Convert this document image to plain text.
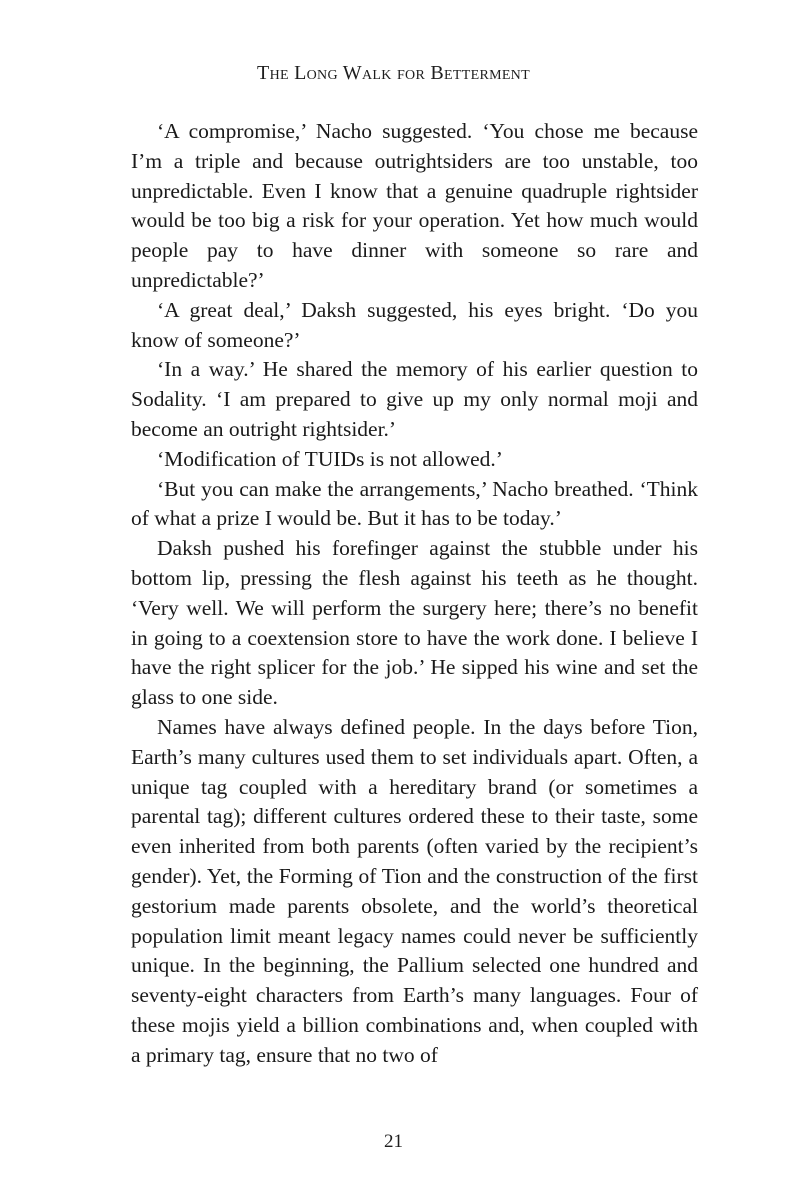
The Long Walk for Betterment

‘A compromise,’ Nacho suggested. ‘You chose me because I’m a triple and because outrightsiders are too unstable, too unpredictable. Even I know that a genuine quadruple rightsider would be too big a risk for your operation. Yet how much would people pay to have dinner with someone so rare and unpredictable?’

‘A great deal,’ Daksh suggested, his eyes bright. ‘Do you know of someone?’

‘In a way.’ He shared the memory of his earlier question to Sodality. ‘I am prepared to give up my only normal moji and become an outright rightsider.’

‘Modification of TUIDs is not allowed.’

‘But you can make the arrangements,’ Nacho breathed. ‘Think of what a prize I would be. But it has to be today.’

Daksh pushed his forefinger against the stubble under his bottom lip, pressing the flesh against his teeth as he thought. ‘Very well. We will perform the surgery here; there’s no benefit in going to a coextension store to have the work done. I believe I have the right splicer for the job.’ He sipped his wine and set the glass to one side.

Names have always defined people. In the days before Tion, Earth’s many cultures used them to set individuals apart. Often, a unique tag coupled with a hereditary brand (or sometimes a parental tag); different cultures ordered these to their taste, some even inherited from both parents (often varied by the recipient’s gender). Yet, the Forming of Tion and the construction of the first gestorium made parents obsolete, and the world’s theoretical population limit meant legacy names could never be sufficiently unique. In the beginning, the Pallium selected one hundred and seventy-eight characters from Earth’s many languages. Four of these mojis yield a billion combinations and, when coupled with a primary tag, ensure that no two of

21
